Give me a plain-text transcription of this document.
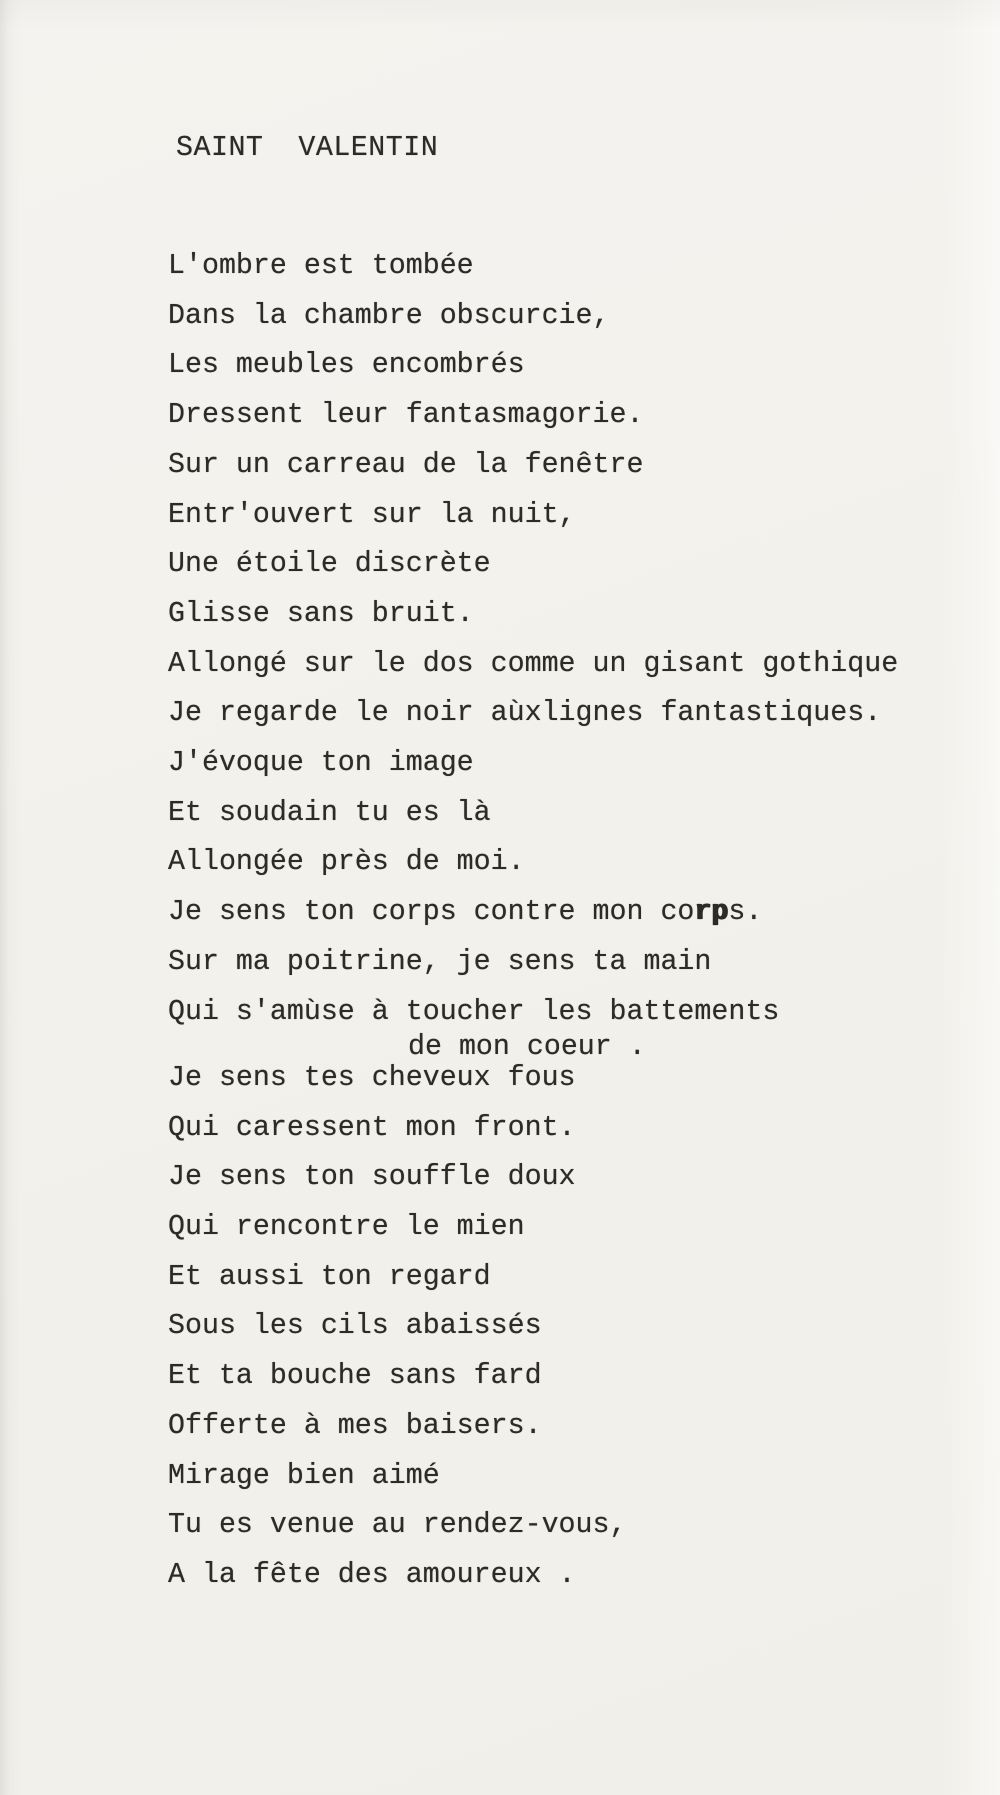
SAINT  VALENTIN
L'ombre est tombée
Dans la chambre obscurcie,
Les meubles encombrés
Dressent leur fantasmagorie.
Sur un carreau de la fenêtre
Entr'ouvert sur la nuit,
Une étoile discrète
Glisse sans bruit.
Allongé sur le dos comme un gisant gothique
Je regarde le noir aùxlignes fantastiques.
J'évoque ton image
Et soudain tu es là
Allongée près de moi.
Je sens ton corps contre mon corps.
Sur ma poitrine, je sens ta main
Qui s'amùse à toucher les battements
de mon coeur .
Je sens tes cheveux fous
Qui caressent mon front.
Je sens ton souffle doux
Qui rencontre le mien
Et aussi ton regard
Sous les cils abaissés
Et ta bouche sans fard
Offerte à mes baisers.
Mirage bien aimé
Tu es venue au rendez-vous,
A la fête des amoureux .
